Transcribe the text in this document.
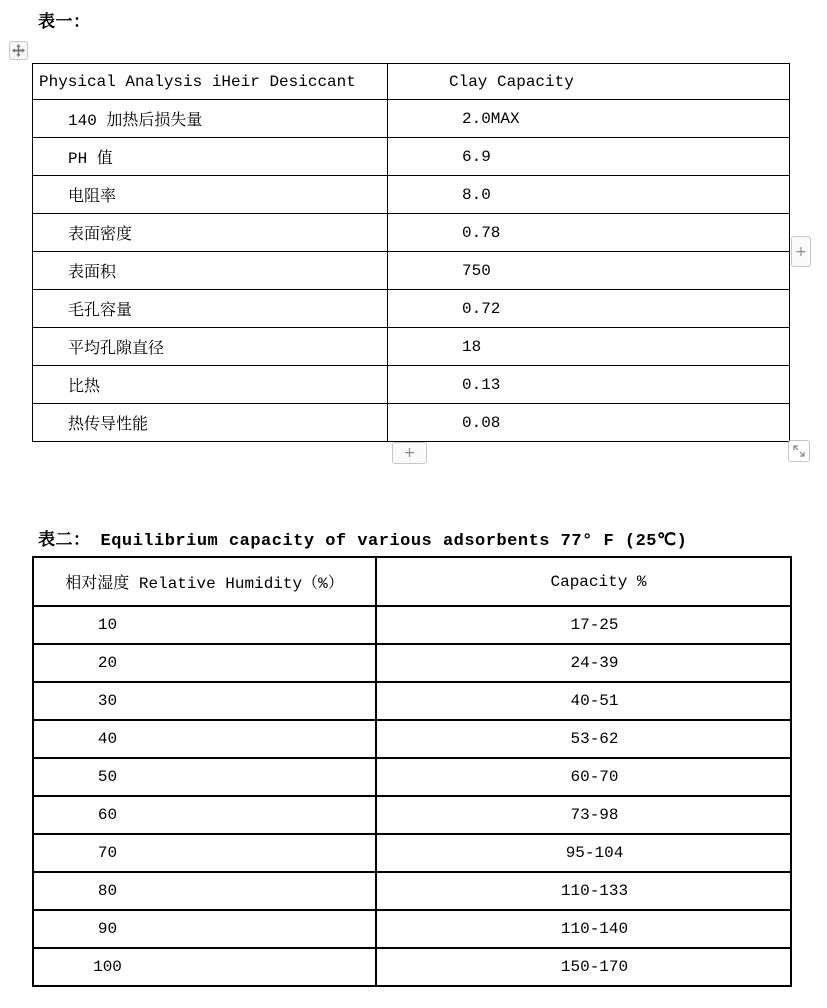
表一：
Physical Analysis iHeir Desiccant	Clay Capacity
140 加热后损失量	2.0MAX
PH 值	6.9
电阻率	8.0
表面密度	0.78
表面积	750
毛孔容量	0.72
平均孔隙直径	18
比热	0.13
热传导性能	0.08
+
+
表二： Equilibrium capacity of various adsorbents 77° F (25℃)
相对湿度 Relative Humidity（%）	Capacity %
10	17-25
20	24-39
30	40-51
40	53-62
50	60-70
60	73-98
70	95-104
80	110-133
90	110-140
100	150-170
